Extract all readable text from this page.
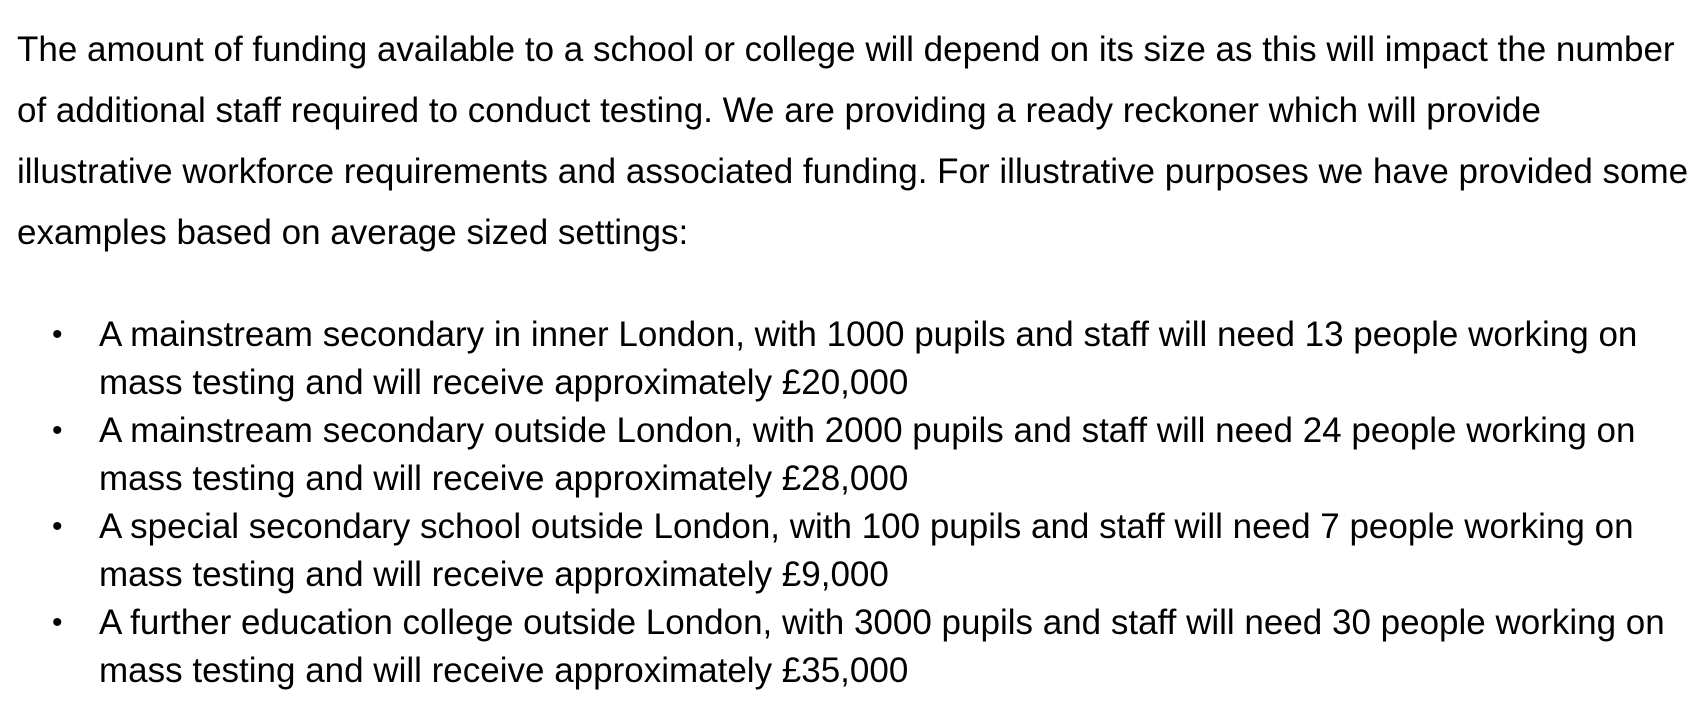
The amount of funding available to a school or college will depend on its size as this will impact the number of additional staff required to conduct testing. We are providing a ready reckoner which will provide illustrative workforce requirements and associated funding. For illustrative purposes we have provided some examples based on average sized settings:

• A mainstream secondary in inner London, with 1000 pupils and staff will need 13 people working on mass testing and will receive approximately £20,000
• A mainstream secondary outside London, with 2000 pupils and staff will need 24 people working on mass testing and will receive approximately £28,000
• A special secondary school outside London, with 100 pupils and staff will need 7 people working on mass testing and will receive approximately £9,000
• A further education college outside London, with 3000 pupils and staff will need 30 people working on mass testing and will receive approximately £35,000
